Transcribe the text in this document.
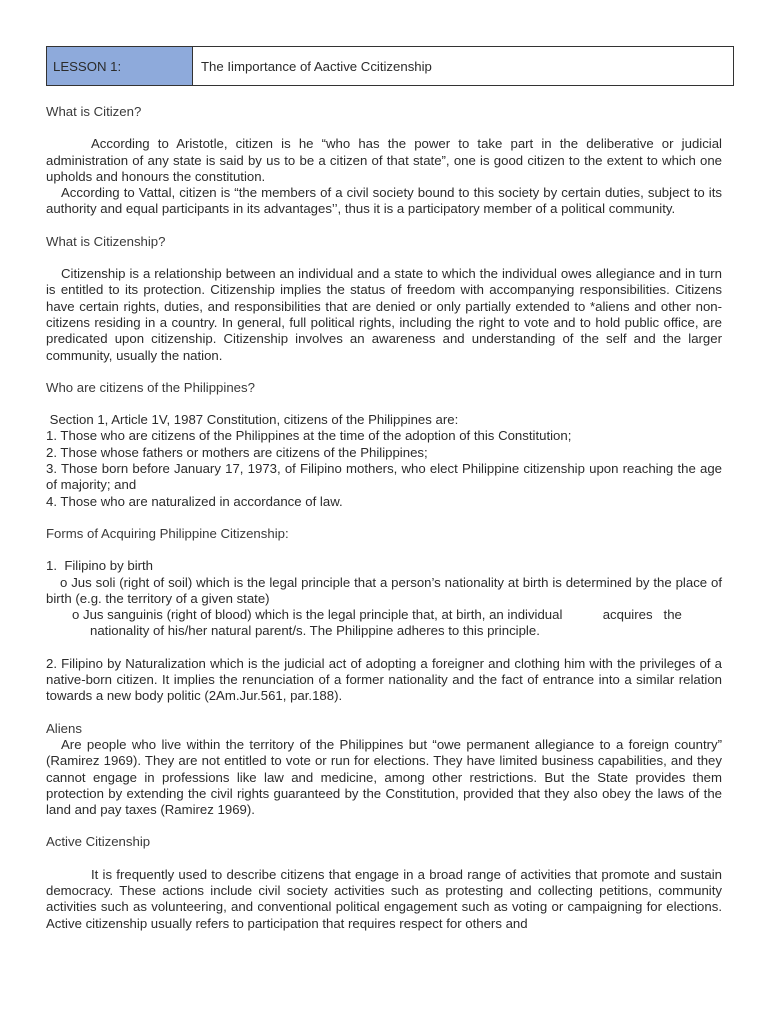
LESSON 1:	The Iimportance of Aactive Ccitizenship

What is Citizen?

According to Aristotle, citizen is he “who has the power to take part in the deliberative or judicial administration of any state is said by us to be a citizen of that state”, one is good citizen to the extent to which one upholds and honours the constitution.

According to Vattal, citizen is “the members of a civil society bound to this society by certain duties, subject to its authority and equal participants in its advantages’’, thus it is a participatory member of a political community.

What is Citizenship?

Citizenship is a relationship between an individual and a state to which the individual owes allegiance and in turn is entitled to its protection. Citizenship implies the status of freedom with accompanying responsibilities. Citizens have certain rights, duties, and responsibilities that are denied or only partially extended to *aliens and other non-citizens residing in a country. In general, full political rights, including the right to vote and to hold public office, are predicated upon citizenship. Citizenship involves an awareness and understanding of the self and the larger community, usually the nation.

Who are citizens of the Philippines?

Section 1, Article 1V, 1987 Constitution, citizens of the Philippines are:

1. Those who are citizens of the Philippines at the time of the adoption of this Constitution;

2. Those whose fathers or mothers are citizens of the Philippines;

3. Those born before January 17, 1973, of Filipino mothers, who elect Philippine citizenship upon reaching the age of majority; and

4. Those who are naturalized in accordance of law.

Forms of Acquiring Philippine Citizenship:

1.  Filipino by birth

o Jus soli (right of soil) which is the legal principle that a person’s nationality at birth is determined by the place of birth (e.g. the territory of a given state)

o Jus sanguinis (right of blood) which is the legal principle that, at birth, an individual           acquires   the

nationality of his/her natural parent/s. The Philippine adheres to this principle.

2. Filipino by Naturalization which is the judicial act of adopting a foreigner and clothing him with the privileges of a native-born citizen. It implies the renunciation of a former nationality and the fact of entrance into a similar relation towards a new body politic (2Am.Jur.561, par.188).

Aliens

Are people who live within the territory of the Philippines but “owe permanent allegiance to a foreign country” (Ramirez 1969). They are not entitled to vote or run for elections. They have limited business capabilities, and they cannot engage in professions like law and medicine, among other restrictions. But the State provides them protection by extending the civil rights guaranteed by the Constitution, provided that they also obey the laws of the land and pay taxes (Ramirez 1969).

Active Citizenship

It is frequently used to describe citizens that engage in a broad range of activities that promote and sustain democracy. These actions include civil society activities such as protesting and collecting petitions, community activities such as volunteering, and conventional political engagement such as voting or campaigning for elections. Active citizenship usually refers to participation that requires respect for others and
